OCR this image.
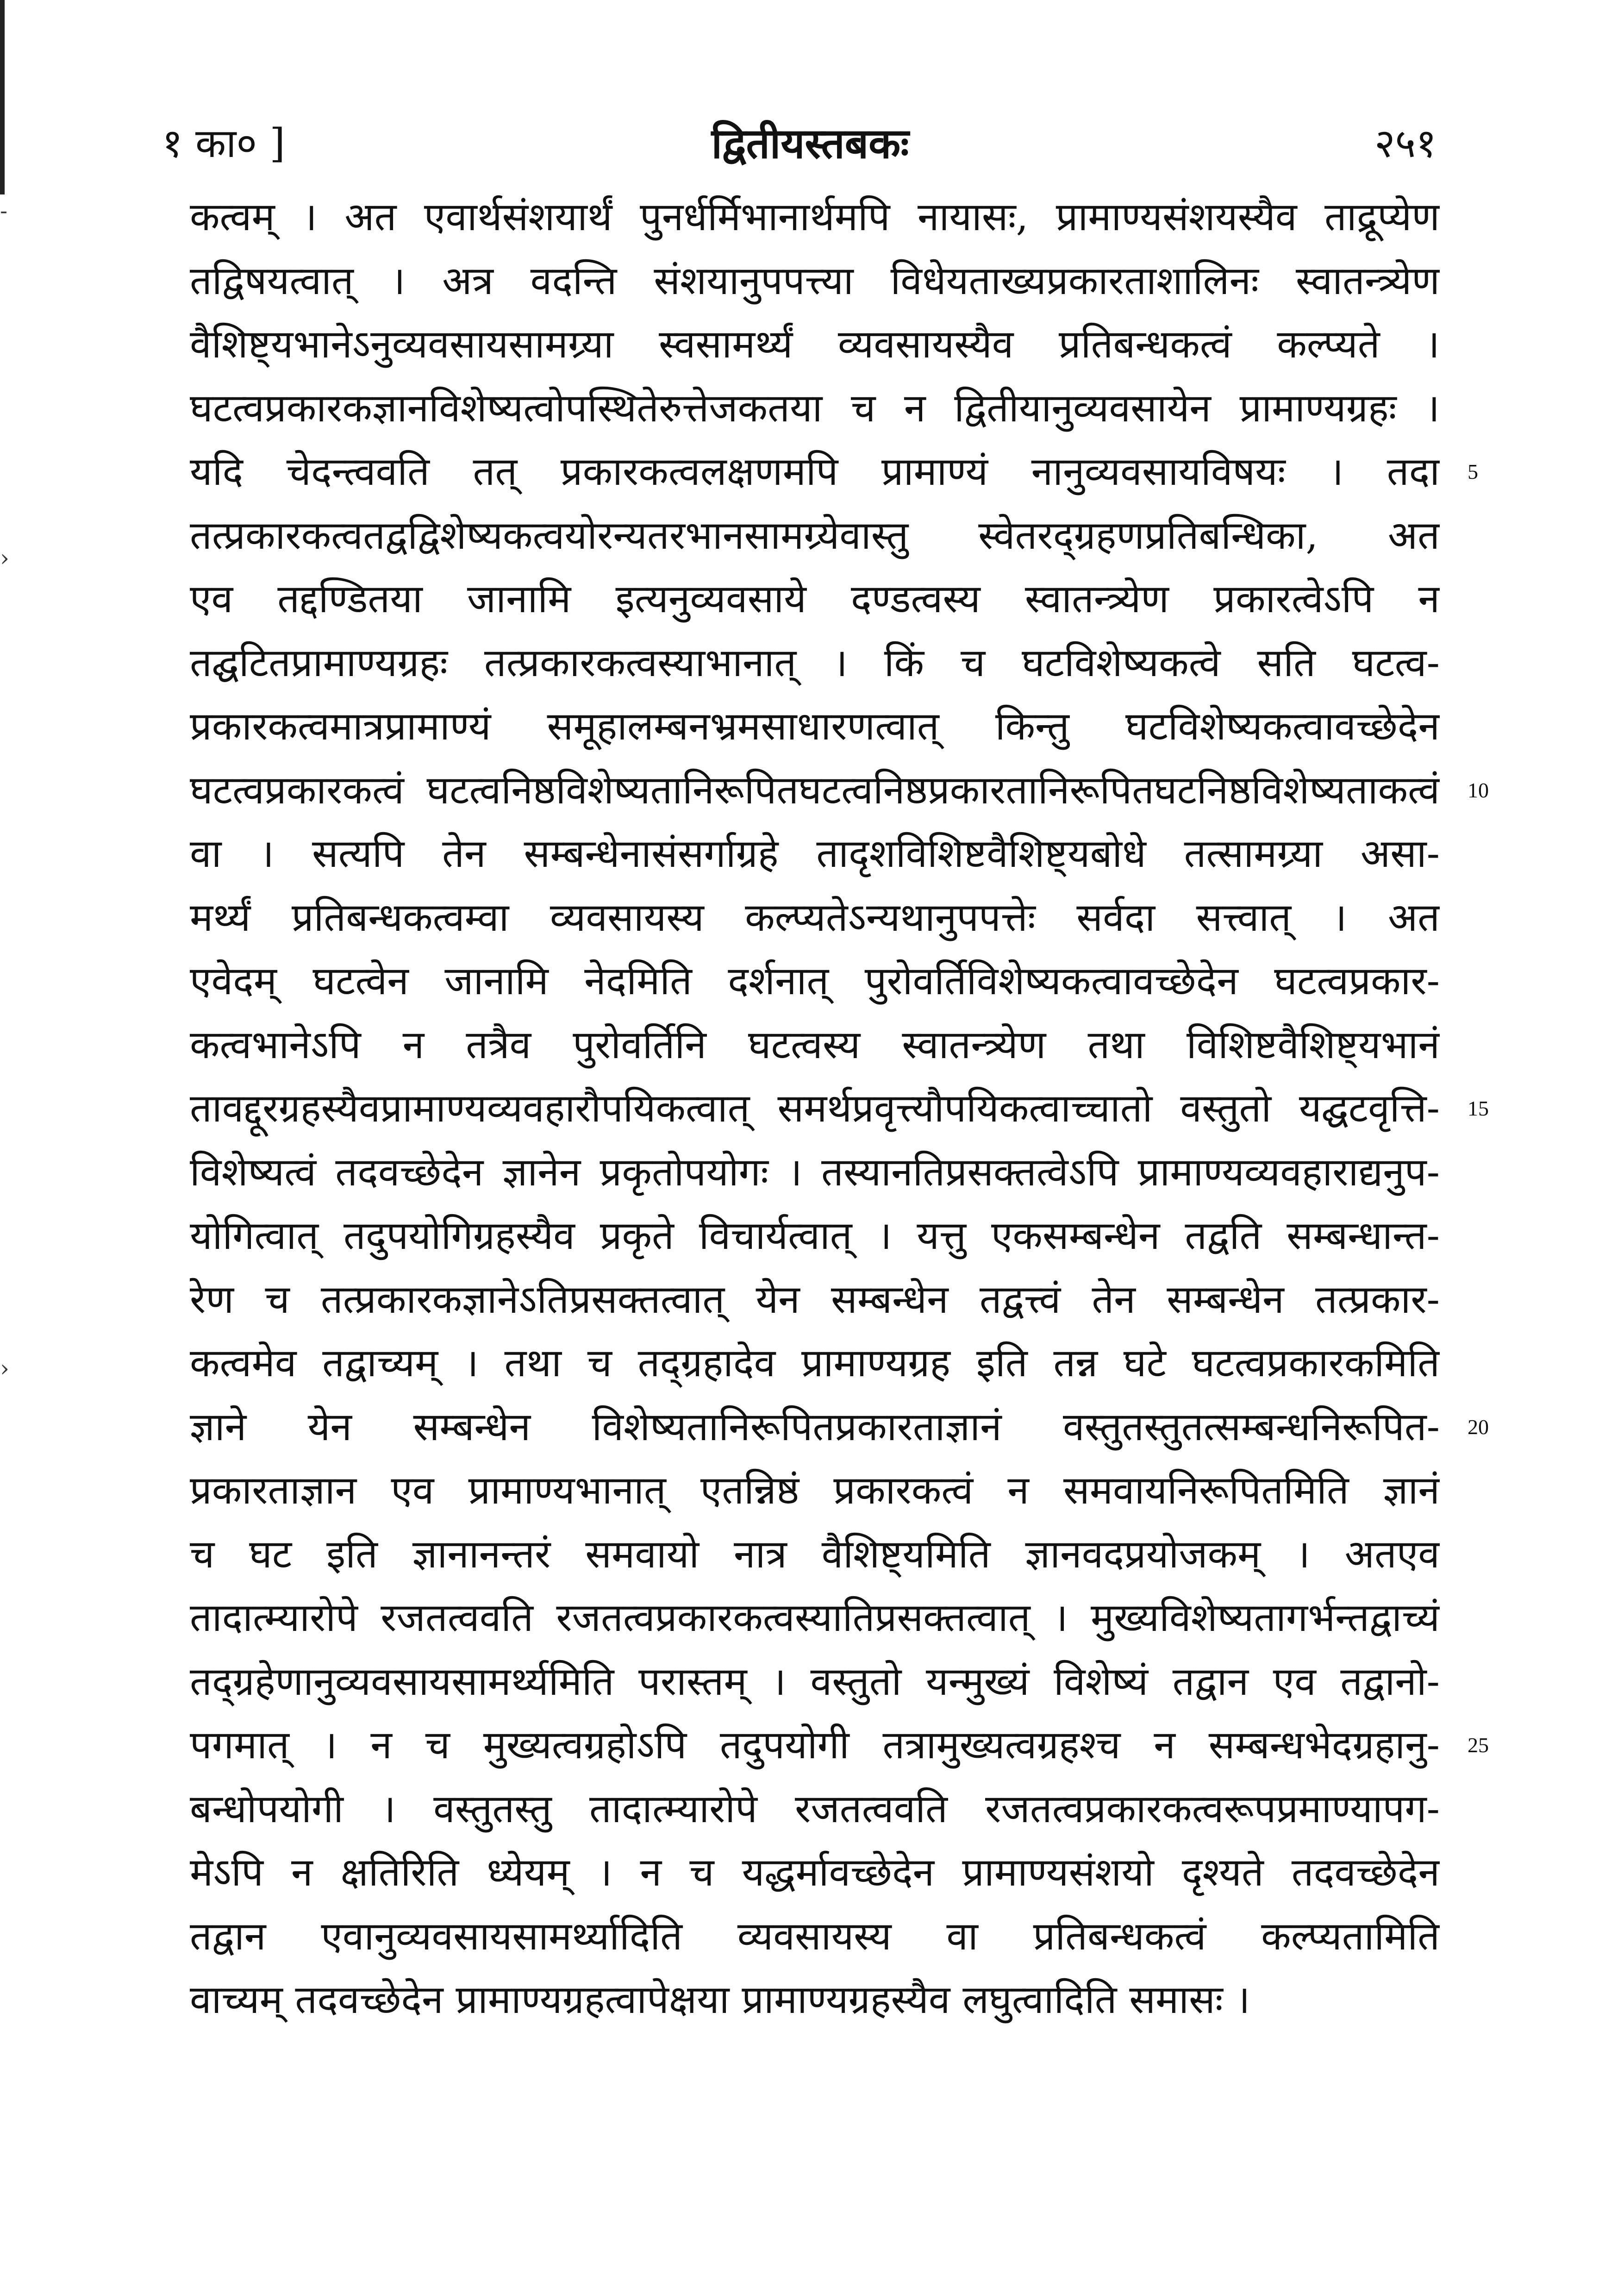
˗
›
›
१ का० ]	द्वितीयस्तबकः	२५१
कत्वम् । अत एवार्थसंशयार्थं पुनर्धर्मिभानार्थमपि नायासः, प्रामाण्यसंशयस्यैव ताद्रूप्येण
तद्विषयत्वात् । अत्र वदन्ति संशयानुपपत्त्या विधेयताख्यप्रकारताशालिनः स्वातन्त्र्येण
वैशिष्ट्यभानेऽनुव्यवसायसामग्र्या स्वसामर्थ्यं व्यवसायस्यैव प्रतिबन्धकत्वं कल्प्यते ।
घटत्वप्रकारकज्ञानविशेष्यत्वोपस्थितेरुत्तेजकतया च न द्वितीयानुव्यवसायेन प्रामाण्यग्रहः ।
यदि चेदन्त्ववति तत् प्रकारकत्वलक्षणमपि प्रामाण्यं नानुव्यवसायविषयः । तदा
तत्प्रकारकत्वतद्वद्विशेष्यकत्वयोरन्यतरभानसामग्र्येवास्तु स्वेतरद्ग्रहणप्रतिबन्धिका, अत
एव तद्दण्डितया जानामि इत्यनुव्यवसाये दण्डत्वस्य स्वातन्त्र्येण प्रकारत्वेऽपि न
तद्घटितप्रामाण्यग्रहः तत्प्रकारकत्वस्याभानात् । किं च घटविशेष्यकत्वे सति घटत्व-
प्रकारकत्वमात्रप्रामाण्यं समूहालम्बनभ्रमसाधारणत्वात् किन्तु घटविशेष्यकत्वावच्छेदेन
घटत्वप्रकारकत्वं घटत्वनिष्ठविशेष्यतानिरूपितघटत्वनिष्ठप्रकारतानिरूपितघटनिष्ठविशेष्यताकत्वं
वा । सत्यपि तेन सम्बन्धेनासंसर्गाग्रहे तादृशविशिष्टवैशिष्ट्यबोधे तत्सामग्र्या असा-
मर्थ्यं प्रतिबन्धकत्वम्वा व्यवसायस्य कल्प्यतेऽन्यथानुपपत्तेः सर्वदा सत्त्वात् । अत
एवेदम् घटत्वेन जानामि नेदमिति दर्शनात् पुरोवर्तिविशेष्यकत्वावच्छेदेन घटत्वप्रकार-
कत्वभानेऽपि न तत्रैव पुरोवर्तिनि घटत्वस्य स्वातन्त्र्येण तथा विशिष्टवैशिष्ट्यभानं
तावद्दूरग्रहस्यैवप्रामाण्यव्यवहारौपयिकत्वात् समर्थप्रवृत्त्यौपयिकत्वाच्चातो वस्तुतो यद्घटवृत्ति-
विशेष्यत्वं तदवच्छेदेन ज्ञानेन प्रकृतोपयोगः । तस्यानतिप्रसक्तत्वेऽपि प्रामाण्यव्यवहाराद्यनुप-
योगित्वात् तदुपयोगिग्रहस्यैव प्रकृते विचार्यत्वात् । यत्तु एकसम्बन्धेन तद्वति सम्बन्धान्त-
रेण च तत्प्रकारकज्ञानेऽतिप्रसक्तत्वात् येन सम्बन्धेन तद्वत्त्वं तेन सम्बन्धेन तत्प्रकार-
कत्वमेव तद्वाच्यम् । तथा च तद्ग्रहादेव प्रामाण्यग्रह इति तन्न घटे घटत्वप्रकारकमिति
ज्ञाने येन सम्बन्धेन विशेष्यतानिरूपितप्रकारताज्ञानं वस्तुतस्तुतत्सम्बन्धनिरूपित-
प्रकारताज्ञान एव प्रामाण्यभानात् एतन्निष्ठं प्रकारकत्वं न समवायनिरूपितमिति ज्ञानं
च घट इति ज्ञानानन्तरं समवायो नात्र वैशिष्ट्यमिति ज्ञानवदप्रयोजकम् । अतएव
तादात्म्यारोपे रजतत्ववति रजतत्वप्रकारकत्वस्यातिप्रसक्तत्वात् । मुख्यविशेष्यतागर्भन्तद्वाच्यं
तद्ग्रहेणानुव्यवसायसामर्थ्यमिति परास्तम् । वस्तुतो यन्मुख्यं विशेष्यं तद्वान एव तद्वानो-
पगमात् । न च मुख्यत्वग्रहोऽपि तदुपयोगी तत्रामुख्यत्वग्रहश्च न सम्बन्धभेदग्रहानु-
बन्धोपयोगी । वस्तुतस्तु तादात्म्यारोपे रजतत्ववति रजतत्वप्रकारकत्वरूपप्रमाण्यापग-
मेऽपि न क्षतिरिति ध्येयम् । न च यद्धर्मावच्छेदेन प्रामाण्यसंशयो दृश्यते तदवच्छेदेन
तद्वान एवानुव्यवसायसामर्थ्यादिति व्यवसायस्य वा प्रतिबन्धकत्वं कल्प्यतामिति
वाच्यम् तदवच्छेदेन प्रामाण्यग्रहत्वापेक्षया प्रामाण्यग्रहस्यैव लघुत्वादिति समासः ।
5
10
15
20
25
